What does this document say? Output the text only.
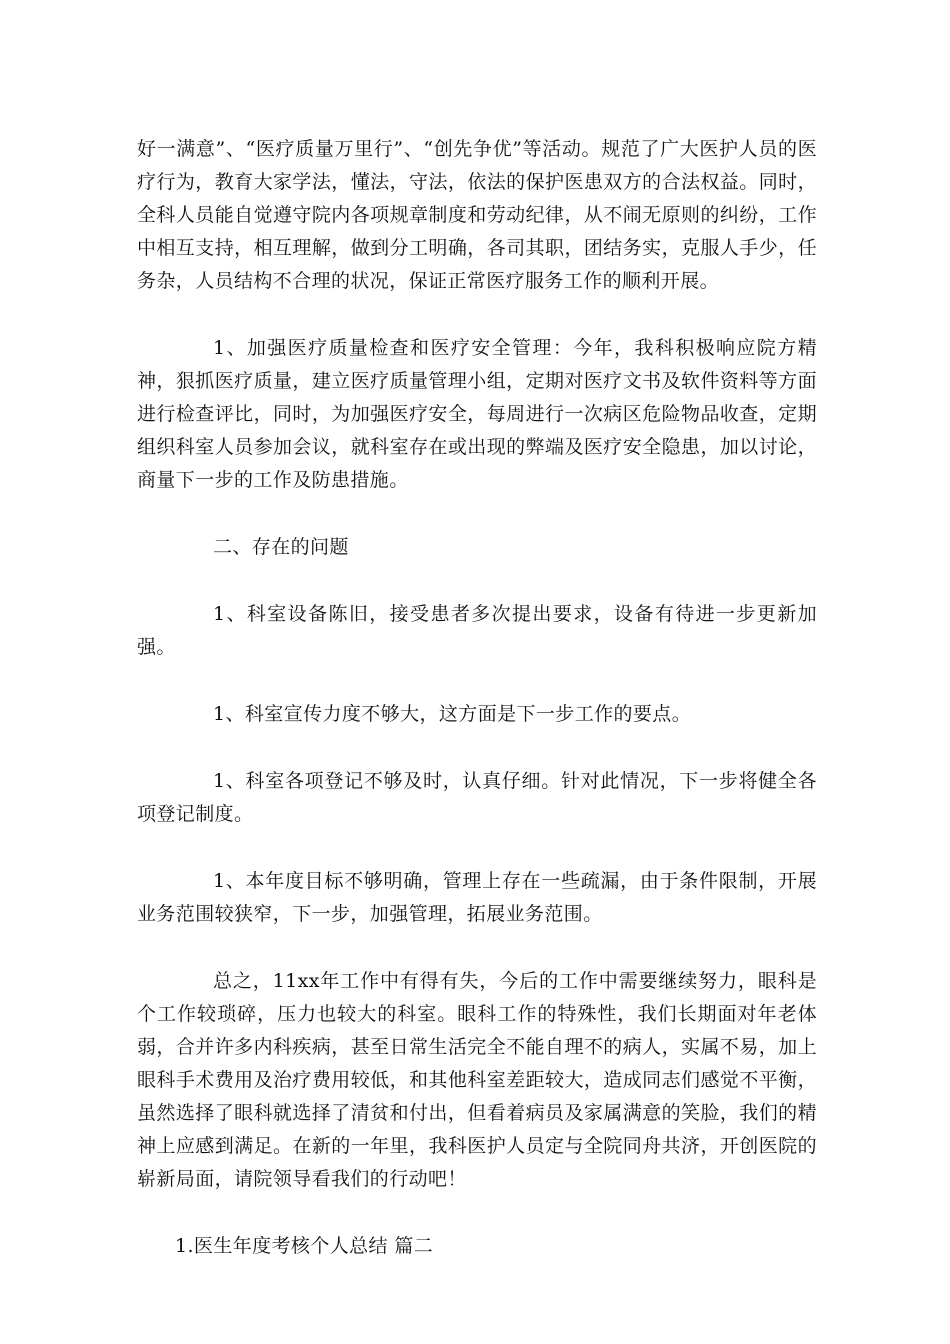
好一满意”、“医疗质量万里行”、“创先争优”等活动。规范了广大医护人员的医疗行为，教育大家学法，懂法，守法，依法的保护医患双方的合法权益。同时，全科人员能自觉遵守院内各项规章制度和劳动纪律，从不闹无原则的纠纷，工作中相互支持，相互理解，做到分工明确，各司其职，团结务实，克服人手少，任务杂，人员结构不合理的状况，保证正常医疗服务工作的顺利开展。

1、加强医疗质量检查和医疗安全管理：今年，我科积极响应院方精神，狠抓医疗质量，建立医疗质量管理小组，定期对医疗文书及软件资料等方面进行检查评比，同时，为加强医疗安全，每周进行一次病区危险物品收查，定期组织科室人员参加会议，就科室存在或出现的弊端及医疗安全隐患，加以讨论，商量下一步的工作及防患措施。

二、存在的问题

1、科室设备陈旧，接受患者多次提出要求，设备有待进一步更新加强。

1、科室宣传力度不够大，这方面是下一步工作的要点。

1、科室各项登记不够及时，认真仔细。针对此情况，下一步将健全各项登记制度。

1、本年度目标不够明确，管理上存在一些疏漏，由于条件限制，开展业务范围较狭窄，下一步，加强管理，拓展业务范围。

总之，11xx年工作中有得有失，今后的工作中需要继续努力，眼科是个工作较琐碎，压力也较大的科室。眼科工作的特殊性，我们长期面对年老体弱，合并许多内科疾病，甚至日常生活完全不能自理不的病人，实属不易，加上眼科手术费用及治疗费用较低，和其他科室差距较大，造成同志们感觉不平衡，虽然选择了眼科就选择了清贫和付出，但看着病员及家属满意的笑脸，我们的精神上应感到满足。在新的一年里，我科医护人员定与全院同舟共济，开创医院的崭新局面，请院领导看我们的行动吧！

1.医生年度考核个人总结 篇二
